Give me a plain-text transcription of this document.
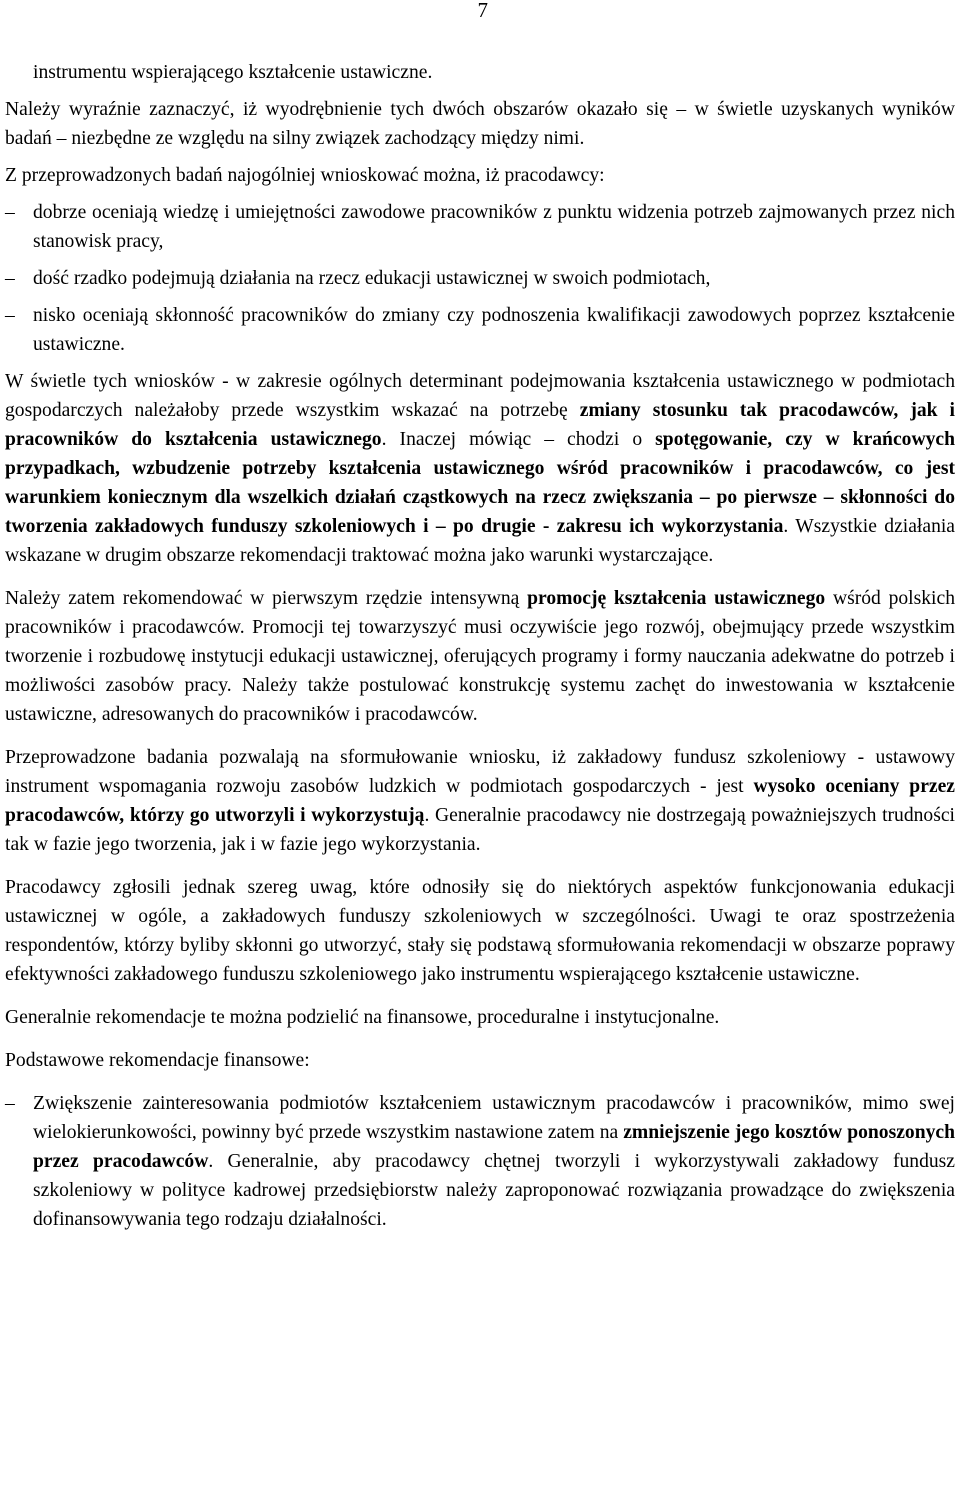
7

instrumentu wspierającego kształcenie ustawiczne.

Należy wyraźnie zaznaczyć, iż wyodrębnienie tych dwóch obszarów okazało się – w świetle uzyskanych wyników badań – niezbędne ze względu na silny związek zachodzący między nimi.

Z przeprowadzonych badań najogólniej wnioskować można, iż pracodawcy:

– dobrze oceniają wiedzę i umiejętności zawodowe pracowników z punktu widzenia potrzeb zajmowanych przez nich stanowisk pracy,
– dość rzadko podejmują działania na rzecz edukacji ustawicznej w swoich podmiotach,
– nisko oceniają skłonność pracowników do zmiany czy podnoszenia kwalifikacji zawodowych poprzez kształcenie ustawiczne.

W świetle tych wniosków - w zakresie ogólnych determinant podejmowania kształcenia ustawicznego w podmiotach gospodarczych należałoby przede wszystkim wskazać na potrzebę zmiany stosunku tak pracodawców, jak i pracowników do kształcenia ustawicznego. Inaczej mówiąc – chodzi o spotęgowanie, czy w krańcowych przypadkach, wzbudzenie potrzeby kształcenia ustawicznego wśród pracowników i pracodawców, co jest warunkiem koniecznym dla wszelkich działań cząstkowych na rzecz zwiększania – po pierwsze – skłonności do tworzenia zakładowych funduszy szkoleniowych i – po drugie - zakresu ich wykorzystania. Wszystkie działania wskazane w drugim obszarze rekomendacji traktować można jako warunki wystarczające.

Należy zatem rekomendować w pierwszym rzędzie intensywną promocję kształcenia ustawicznego wśród polskich pracowników i pracodawców. Promocji tej towarzyszyć musi oczywiście jego rozwój, obejmujący przede wszystkim tworzenie i rozbudowę instytucji edukacji ustawicznej, oferujących programy i formy nauczania adekwatne do potrzeb i możliwości zasobów pracy. Należy także postulować konstrukcję systemu zachęt do inwestowania w kształcenie ustawiczne, adresowanych do pracowników i pracodawców.

Przeprowadzone badania pozwalają na sformułowanie wniosku, iż zakładowy fundusz szkoleniowy - ustawowy instrument wspomagania rozwoju zasobów ludzkich w podmiotach gospodarczych - jest wysoko oceniany przez pracodawców, którzy go utworzyli i wykorzystują. Generalnie pracodawcy nie dostrzegają poważniejszych trudności tak w fazie jego tworzenia, jak i w fazie jego wykorzystania.

Pracodawcy zgłosili jednak szereg uwag, które odnosiły się do niektórych aspektów funkcjonowania edukacji ustawicznej w ogóle, a zakładowych funduszy szkoleniowych w szczególności. Uwagi te oraz spostrzeżenia respondentów, którzy byliby skłonni go utworzyć, stały się podstawą sformułowania rekomendacji w obszarze poprawy efektywności zakładowego funduszu szkoleniowego jako instrumentu wspierającego kształcenie ustawiczne.

Generalnie rekomendacje te można podzielić na finansowe, proceduralne i instytucjonalne.

Podstawowe rekomendacje finansowe:

– Zwiększenie zainteresowania podmiotów kształceniem ustawicznym pracodawców i pracowników, mimo swej wielokierunkowości, powinny być przede wszystkim nastawione zatem na zmniejszenie jego kosztów ponoszonych przez pracodawców. Generalnie, aby pracodawcy chętnej tworzyli i wykorzystywali zakładowy fundusz szkoleniowy w polityce kadrowej przedsiębiorstw należy zaproponować rozwiązania prowadzące do zwiększenia dofinansowywania tego rodzaju działalności.
